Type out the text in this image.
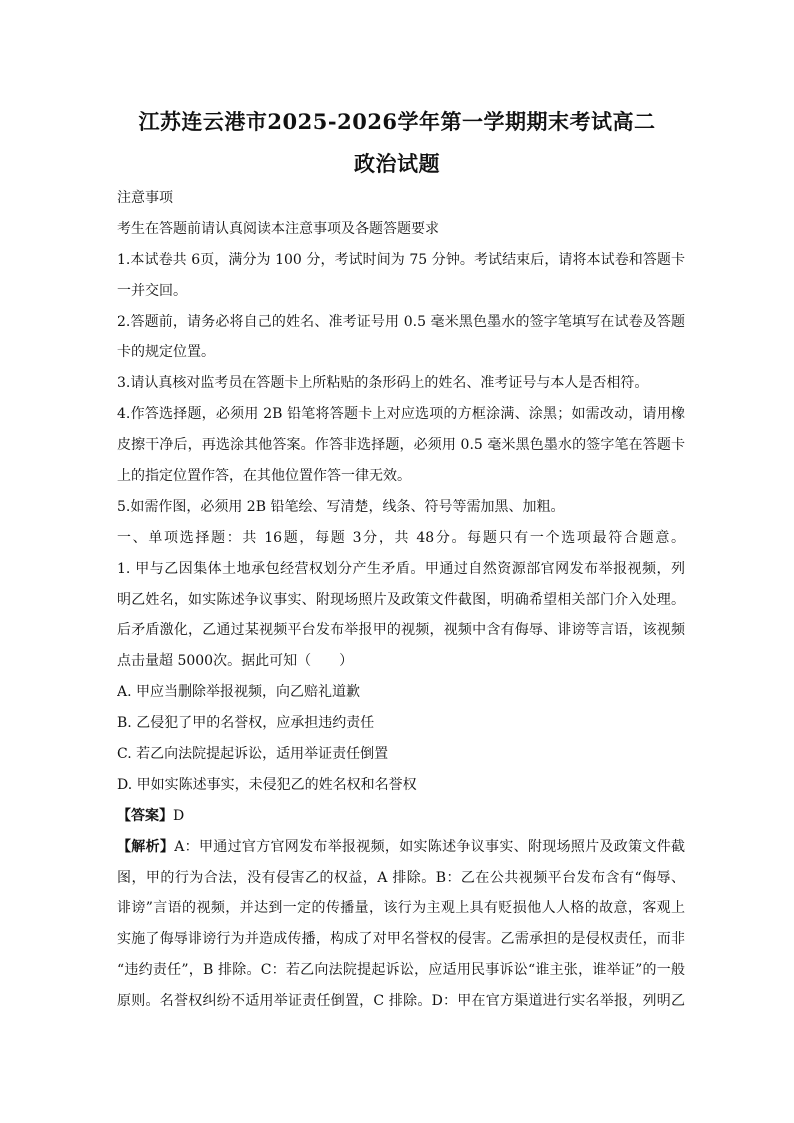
江苏连云港市2025-2026学年第一学期期末考试高二
政治试题
注意事项
考生在答题前请认真阅读本注意事项及各题答题要求
1.本试卷共 6页，满分为 100 分，考试时间为 75 分钟。考试结束后，请将本试卷和答题卡
一并交回。
2.答题前，请务必将自己的姓名、准考证号用 0.5 毫米黑色墨水的签字笔填写在试卷及答题
卡的规定位置。
3.请认真核对监考员在答题卡上所粘贴的条形码上的姓名、准考证号与本人是否相符。
4.作答选择题，必须用 2B 铅笔将答题卡上对应选项的方框涂满、涂黑；如需改动，请用橡
皮擦干净后，再选涂其他答案。作答非选择题，必须用 0.5 毫米黑色墨水的签字笔在答题卡
上的指定位置作答，在其他位置作答一律无效。
5.如需作图，必须用 2B 铅笔绘、写清楚，线条、符号等需加黑、加粗。
一、单项选择题：共 16题，每题 3分，共 48分。每题只有一个选项最符合题意。
1. 甲与乙因集体土地承包经营权划分产生矛盾。甲通过自然资源部官网发布举报视频，列
明乙姓名，如实陈述争议事实、附现场照片及政策文件截图，明确希望相关部门介入处理。
后矛盾激化，乙通过某视频平台发布举报甲的视频，视频中含有侮辱、诽谤等言语，该视频
点击量超 5000次。据此可知（　　）
A. 甲应当删除举报视频，向乙赔礼道歉
B. 乙侵犯了甲的名誉权，应承担违约责任
C. 若乙向法院提起诉讼，适用举证责任倒置
D. 甲如实陈述事实，未侵犯乙的姓名权和名誉权
【答案】D
【解析】A：甲通过官方官网发布举报视频，如实陈述争议事实、附现场照片及政策文件截
图，甲的行为合法，没有侵害乙的权益，A 排除。B：乙在公共视频平台发布含有“侮辱、
诽谤”言语的视频，并达到一定的传播量，该行为主观上具有贬损他人人格的故意，客观上
实施了侮辱诽谤行为并造成传播，构成了对甲名誉权的侵害。乙需承担的是侵权责任，而非
“违约责任”，B 排除。C：若乙向法院提起诉讼，应适用民事诉讼“谁主张，谁举证”的一般
原则。名誉权纠纷不适用举证责任倒置，C 排除。D：甲在官方渠道进行实名举报，列明乙
